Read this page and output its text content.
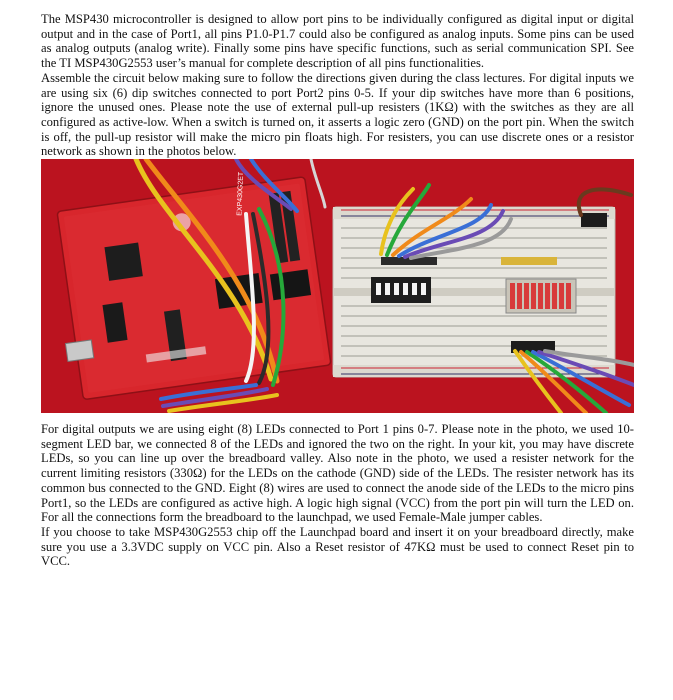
The MSP430 microcontroller is designed to allow port pins to be individually configured as digital input or digital output and in the case of Port1, all pins P1.0-P1.7 could also be configured as analog inputs. Some pins can be used as analog outputs (analog write). Finally some pins have specific functions, such as serial communication SPI. See the TI MSP430G2553 user’s manual for complete description of all pins functionalities.

Assemble the circuit below making sure to follow the directions given during the class lectures. For digital inputs we are using six (6) dip switches connected to port Port2 pins 0-5. If your dip switches have more than 6 positions, ignore the unused ones. Please note the use of external pull-up resisters (1KΩ) with the switches as they are all configured as active-low. When a switch is turned on, it asserts a logic zero (GND) on the port pin. When the switch is off, the pull-up resistor will make the micro pin floats high. For resisters, you can use discrete ones or a resistor network as shown in the photos below.

EXP430G2ET

For digital outputs we are using eight (8) LEDs connected to Port 1 pins 0-7. Please note in the photo, we used 10-segment LED bar, we connected 8 of the LEDs and ignored the two on the right. In your kit, you may have discrete LEDs, so you can line up over the breadboard valley. Also note in the photo, we used a resister network for the current limiting resistors (330Ω) for the LEDs on the cathode (GND) side of the LEDs. The resister network has its common bus connected to the GND. Eight (8) wires are used to connect the anode side of the LEDs to the micro pins Port1, so the LEDs are configured as active high. A logic high signal (VCC) from the port pin will turn the LED on. For all the connections form the breadboard to the launchpad, we used Female-Male jumper cables.

If you choose to take MSP430G2553 chip off the Launchpad board and insert it on your breadboard directly, make sure you use a 3.3VDC supply on VCC pin. Also a Reset resistor of 47KΩ must be used to connect Reset pin to VCC.
